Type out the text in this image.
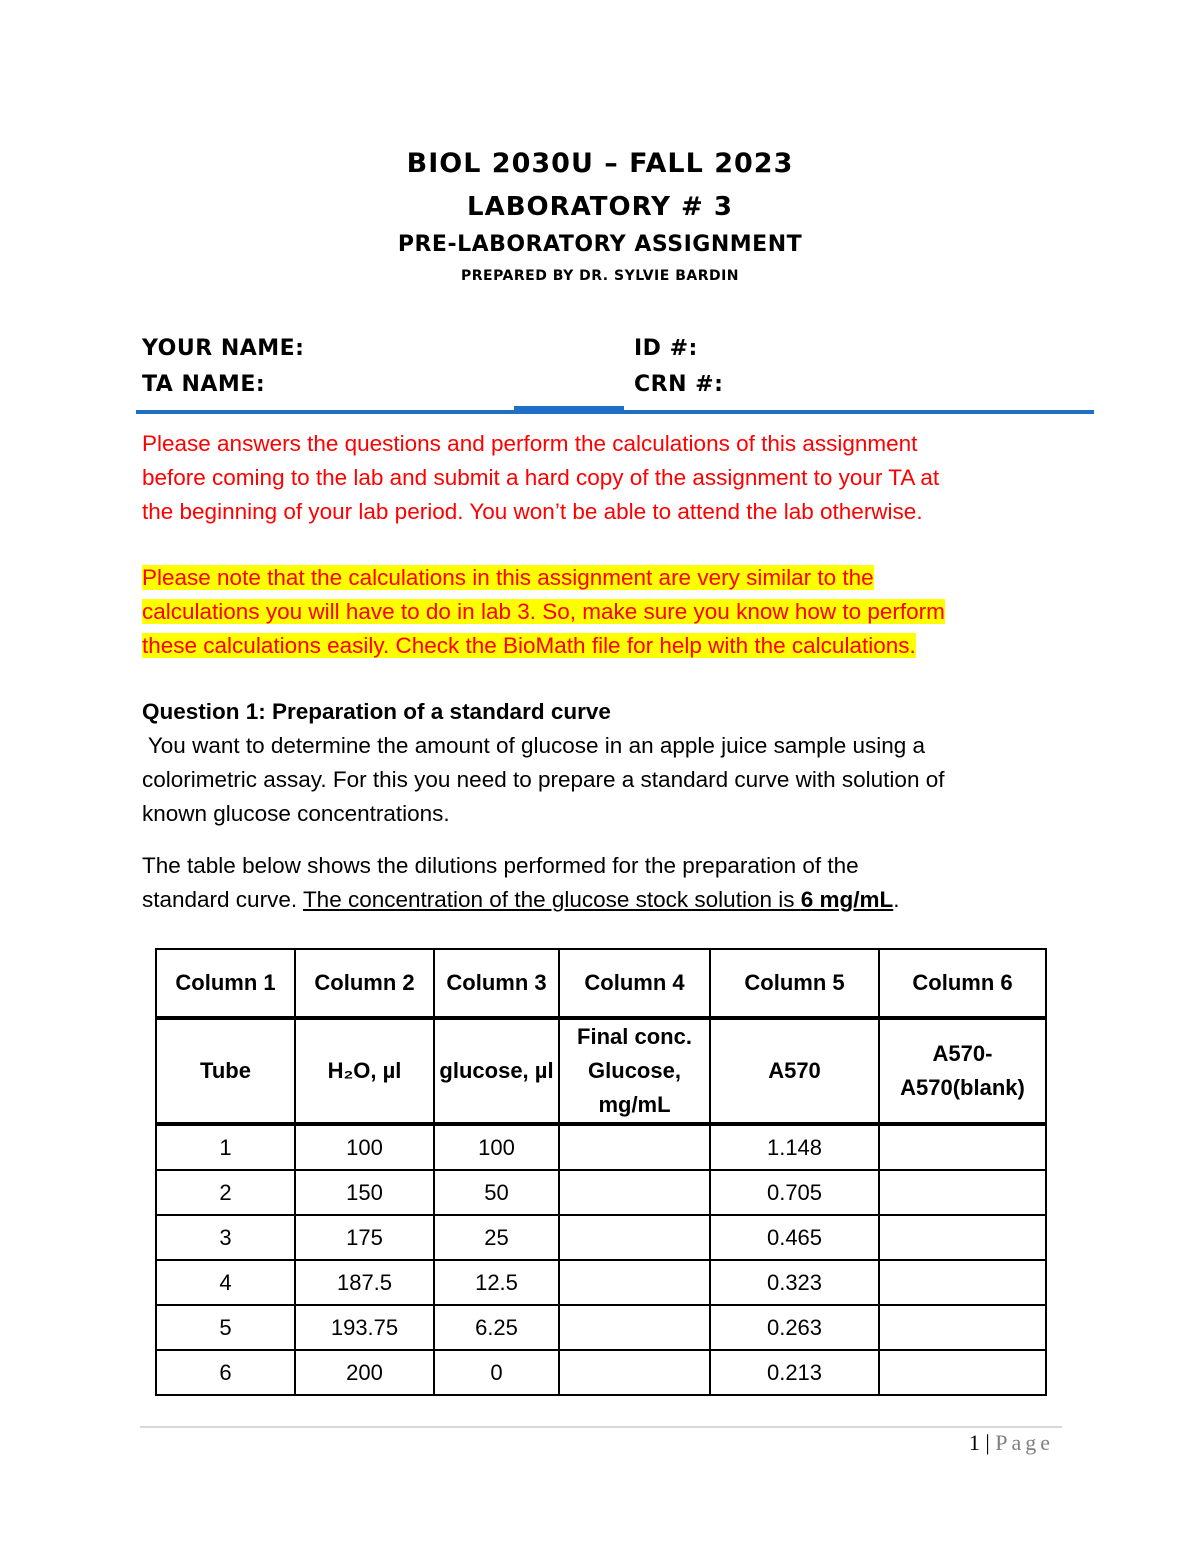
BIOL 2030U – FALL 2023
LABORATORY # 3
PRE-LABORATORY ASSIGNMENT
PREPARED BY DR. SYLVIE BARDIN
YOUR NAME:	ID #:
TA NAME:	CRN #:

Please answers the questions and perform the calculations of this assignment

before coming to the lab and submit a hard copy of the assignment to your TA at

the beginning of your lab period. You won’t be able to attend the lab otherwise.

Please note that the calculations in this assignment are very similar to the

calculations you will have to do in lab 3. So, make sure you know how to perform

these calculations easily. Check the BioMath file for help with the calculations.

Question 1: Preparation of a standard curve

You want to determine the amount of glucose in an apple juice sample using a

colorimetric assay. For this you need to prepare a standard curve with solution of

known glucose concentrations.

The table below shows the dilutions performed for the preparation of the

standard curve. The concentration of the glucose stock solution is 6 mg/mL.

Column 1	Column 2	Column 3	Column 4	Column 5	Column 6
Tube	H₂O, µl	glucose, µl	Final conc. Glucose, mg/mL	A570	A570-A570(blank)
1	100	100		1.148	
2	150	50		0.705	
3	175	25		0.465	
4	187.5	12.5		0.323	
5	193.75	6.25		0.263	
6	200	0		0.213	
1 | Page
